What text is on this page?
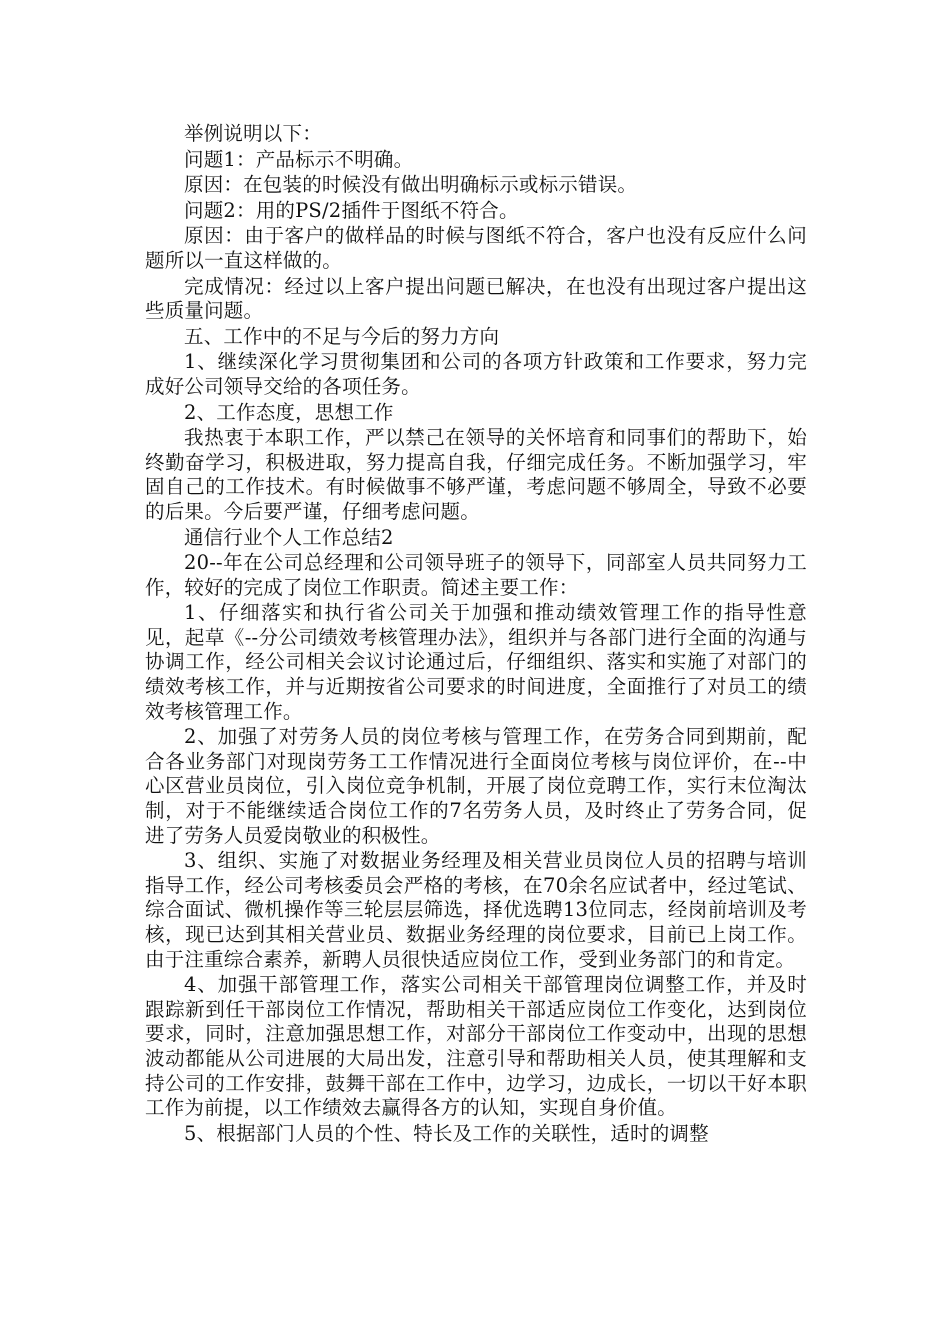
举例说明以下：

问题1：产品标示不明确。

原因：在包装的时候没有做出明确标示或标示错误。

问题2：用的PS/2插件于图纸不符合。

原因：由于客户的做样品的时候与图纸不符合，客户也没有反应什么问题所以一直这样做的。

完成情况：经过以上客户提出问题已解决，在也没有出现过客户提出这些质量问题。

五、工作中的不足与今后的努力方向

1、继续深化学习贯彻集团和公司的各项方针政策和工作要求，努力完成好公司领导交给的各项任务。

2、工作态度，思想工作

我热衷于本职工作，严以禁己在领导的关怀培育和同事们的帮助下，始终勤奋学习，积极进取，努力提高自我，仔细完成任务。不断加强学习，牢固自己的工作技术。有时候做事不够严谨，考虑问题不够周全，导致不必要的后果。今后要严谨，仔细考虑问题。

通信行业个人工作总结2

20--年在公司总经理和公司领导班子的领导下，同部室人员共同努力工作，较好的完成了岗位工作职责。简述主要工作：

1、仔细落实和执行省公司关于加强和推动绩效管理工作的指导性意见，起草《--分公司绩效考核管理办法》，组织并与各部门进行全面的沟通与协调工作，经公司相关会议讨论通过后，仔细组织、落实和实施了对部门的绩效考核工作，并与近期按省公司要求的时间进度，全面推行了对员工的绩效考核管理工作。

2、加强了对劳务人员的岗位考核与管理工作，在劳务合同到期前，配合各业务部门对现岗劳务工工作情况进行全面岗位考核与岗位评价，在--中心区营业员岗位，引入岗位竞争机制，开展了岗位竞聘工作，实行末位淘汰制，对于不能继续适合岗位工作的7名劳务人员，及时终止了劳务合同，促进了劳务人员爱岗敬业的积极性。

3、组织、实施了对数据业务经理及相关营业员岗位人员的招聘与培训指导工作，经公司考核委员会严格的考核，在70余名应试者中，经过笔试、综合面试、微机操作等三轮层层筛选，择优选聘13位同志，经岗前培训及考核，现已达到其相关营业员、数据业务经理的岗位要求，目前已上岗工作。由于注重综合素养，新聘人员很快适应岗位工作，受到业务部门的和肯定。

4、加强干部管理工作，落实公司相关干部管理岗位调整工作，并及时跟踪新到任干部岗位工作情况，帮助相关干部适应岗位工作变化，达到岗位要求，同时，注意加强思想工作，对部分干部岗位工作变动中，出现的思想波动都能从公司进展的大局出发，注意引导和帮助相关人员，使其理解和支持公司的工作安排，鼓舞干部在工作中，边学习，边成长，一切以干好本职工作为前提，以工作绩效去赢得各方的认知，实现自身价值。

5、根据部门人员的个性、特长及工作的关联性，适时的调整
